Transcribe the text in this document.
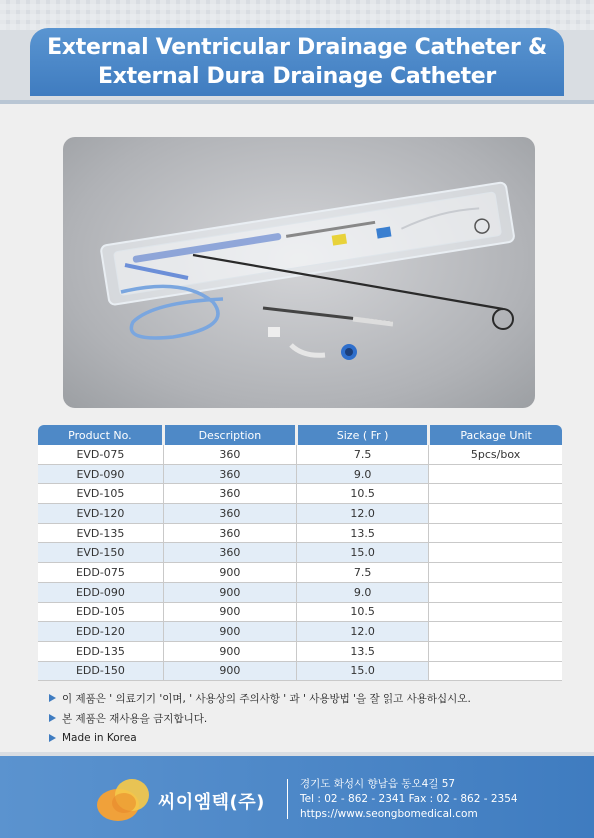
External Ventricular Drainage Catheter &
External Dura Drainage Catheter
Product No.	Description	Size ( Fr )	Package Unit
EVD-075	360	7.5	5pcs/box
EVD-090	360	9.0	
EVD-105	360	10.5	
EVD-120	360	12.0	
EVD-135	360	13.5	
EVD-150	360	15.0	
EDD-075	900	7.5	
EDD-090	900	9.0	
EDD-105	900	10.5	
EDD-120	900	12.0	
EDD-135	900	13.5	
EDD-150	900	15.0	
이 제품은 ' 의료기기 '이며, ' 사용상의 주의사항 ' 과 ' 사용방법 '을 잘 읽고 사용하십시오.
본 제품은 재사용을 금지합니다.
Made in Korea
씨이엠텍(주)
경기도 화성시 향남읍 동오4길 57
Tel : 02 - 862 - 2341 Fax : 02 - 862 - 2354
https://www.seongbomedical.com
